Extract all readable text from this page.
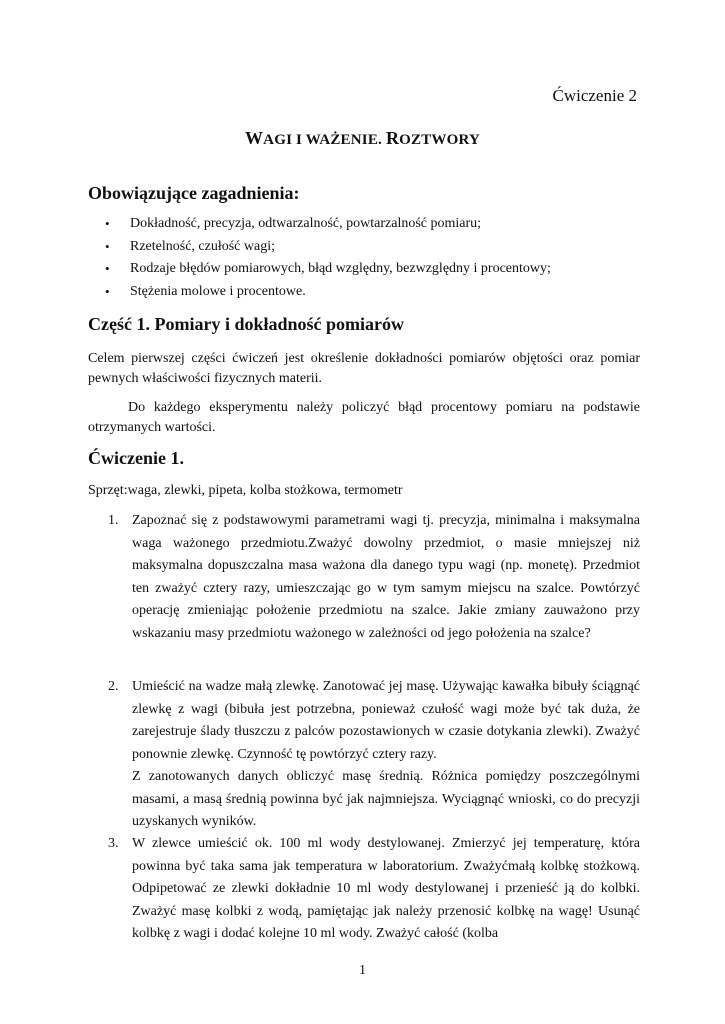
Ćwiczenie 2
WAGI I WAŻENIE. ROZTWORY
Obowiązujące zagadnienia:
• Dokładność, precyzja, odtwarzalność, powtarzalność pomiaru;
• Rzetelność, czułość wagi;
• Rodzaje błędów pomiarowych, błąd względny, bezwzględny i procentowy;
• Stężenia molowe i procentowe.
Część 1. Pomiary i dokładność pomiarów

Celem pierwszej części ćwiczeń jest określenie dokładności pomiarów objętości oraz pomiar pewnych właściwości fizycznych materii.

Do każdego eksperymentu należy policzyć błąd procentowy pomiaru na podstawie otrzymanych wartości.

Ćwiczenie 1.
Sprzęt:waga, zlewki, pipeta, kolba stożkowa, termometr
1. Zapoznać się z podstawowymi parametrami wagi tj. precyzja, minimalna i maksymalna waga ważonego przedmiotu.Zważyć dowolny przedmiot, o masie mniejszej niż maksymalna dopuszczalna masa ważona dla danego typu wagi (np. monetę). Przedmiot ten zważyć cztery razy, umieszczając go w tym samym miejscu na szalce. Powtórzyć operację zmieniając położenie przedmiotu na szalce. Jakie zmiany zauważono przy wskazaniu masy przedmiotu ważonego w zależności od jego położenia na szalce?
2. Umieścić na wadze małą zlewkę. Zanotować jej masę. Używając kawałka bibuły ściągnąć zlewkę z wagi (bibuła jest potrzebna, ponieważ czułość wagi może być tak duża, że zarejestruje ślady tłuszczu z palców pozostawionych w czasie dotykania zlewki). Zważyć ponownie zlewkę. Czynność tę powtórzyć cztery razy.
Z zanotowanych danych obliczyć masę średnią. Różnica pomiędzy poszczególnymi masami, a masą średnią powinna być jak najmniejsza. Wyciągnąć wnioski, co do precyzji uzyskanych wyników.
3. W zlewce umieścić ok. 100 ml wody destylowanej. Zmierzyć jej temperaturę, która powinna być taka sama jak temperatura w laboratorium. Zważyćmałą kolbkę stożkową. Odpipetować ze zlewki dokładnie 10 ml wody destylowanej i przenieść ją do kolbki. Zważyć masę kolbki z wodą, pamiętając jak należy przenosić kolbkę na wagę! Usunąć kolbkę z wagi i dodać kolejne 10 ml wody. Zważyć całość (kolba
1
